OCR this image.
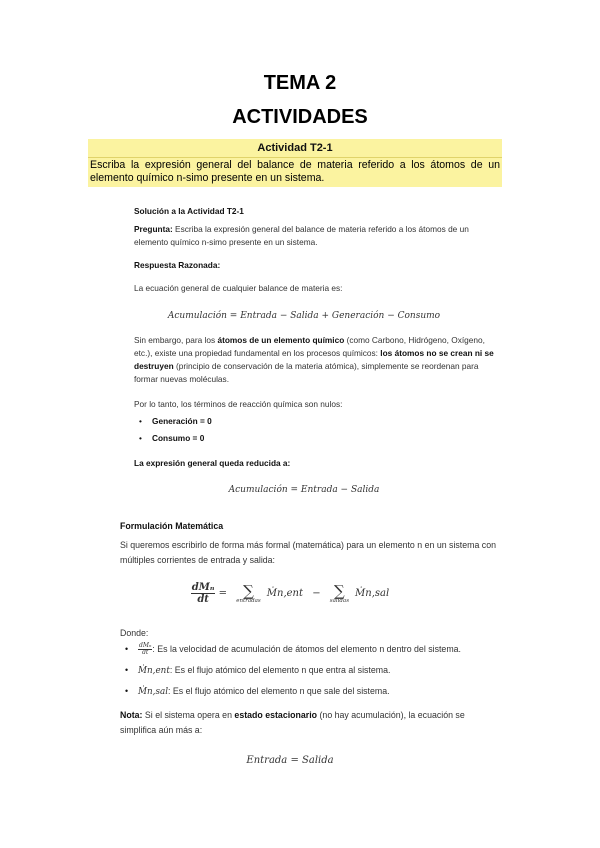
TEMA 2
ACTIVIDADES
Actividad T2-1
Escriba la expresión general del balance de materia referido a los átomos de un elemento químico n-simo presente en un sistema.
Solución a la Actividad T2-1
Pregunta: Escriba la expresión general del balance de materia referido a los átomos de un elemento químico n-simo presente en un sistema.
Respuesta Razonada:
La ecuación general de cualquier balance de materia es:
Acumulación = Entrada − Salida + Generación − Consumo
Sin embargo, para los átomos de un elemento químico (como Carbono, Hidrógeno, Oxígeno, etc.), existe una propiedad fundamental en los procesos químicos: los átomos no se crean ni se destruyen (principio de conservación de la materia atómica), simplemente se reordenan para formar nuevas moléculas.
Por lo tanto, los términos de reacción química son nulos:
• Generación = 0
• Consumo = 0
La expresión general queda reducida a:
Acumulación = Entrada − Salida
Formulación Matemática
Si queremos escribirlo de forma más formal (matemática) para un elemento n en un sistema con múltiples corrientes de entrada y salida:
$\frac{\text{dMₙ}}{dt}$ =	∑
entradas
Ṁn,ent − ∑
salidas
Ṁn,sal
Donde:
• $\frac{\text{dMₙ}}{dt}$ : Es la velocidad de acumulación de átomos del elemento n dentro del sistema.
• Ṁn,ent: Es el flujo atómico del elemento n que entra al sistema.
• Ṁn,sal: Es el flujo atómico del elemento n que sale del sistema.
Nota: Si el sistema opera en estado estacionario (no hay acumulación), la ecuación se simplifica aún más a:
Entrada = Salida
